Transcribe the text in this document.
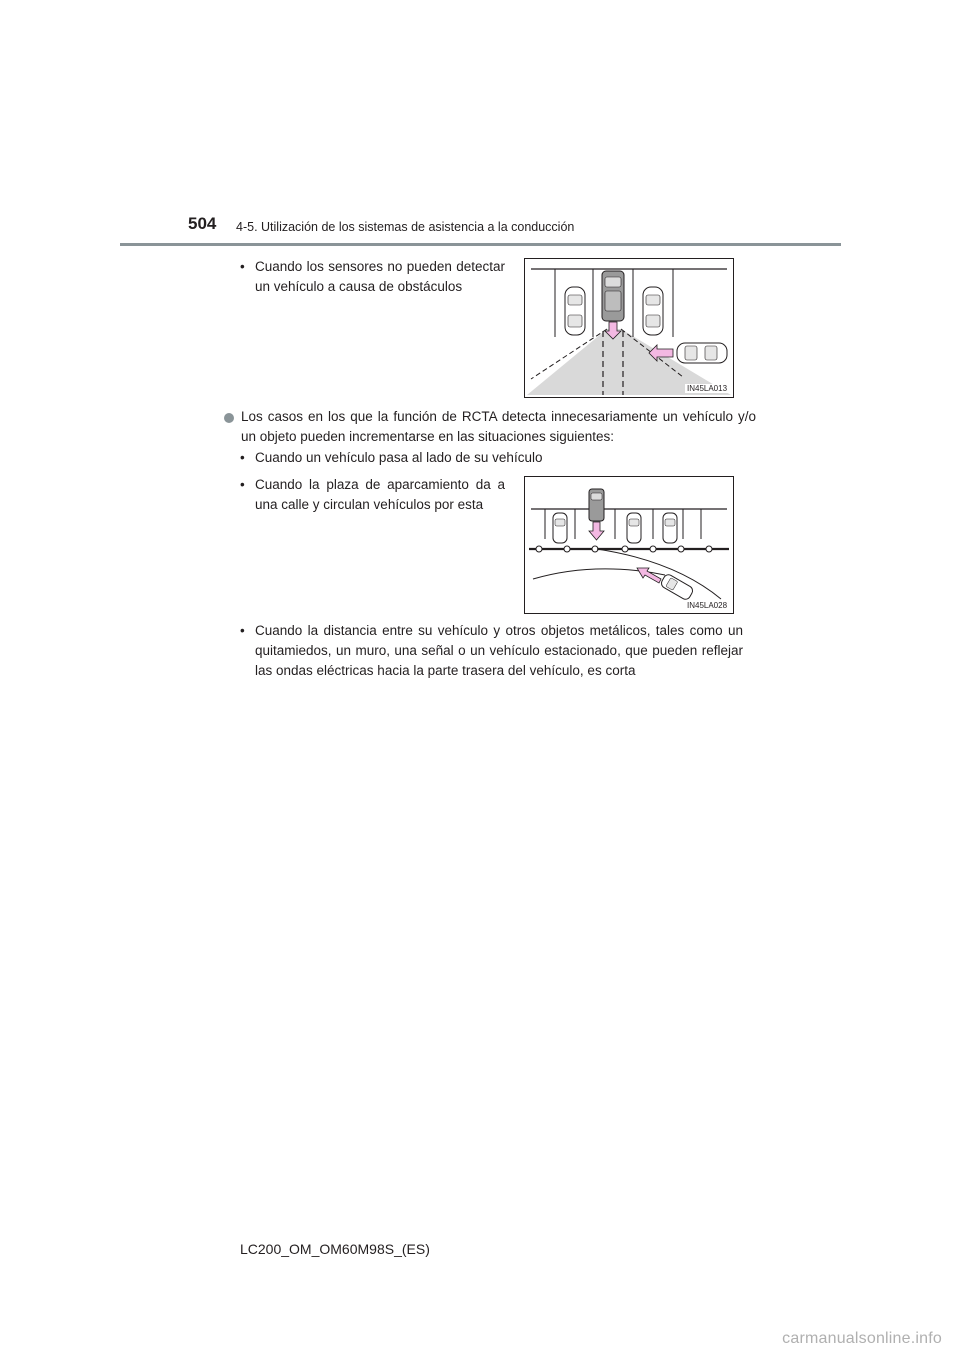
504 4-5. Utilización de los sistemas de asistencia a la conducción
• Cuando los sensores no pueden detectar un vehículo a causa de obstáculos
IN45LA013
Los casos en los que la función de RCTA detecta innecesariamente un vehículo y/o un objeto pueden incrementarse en las situaciones siguientes:
• Cuando un vehículo pasa al lado de su vehículo
• Cuando la plaza de aparcamiento da a una calle y circulan vehículos por esta
IN45LA028
• Cuando la distancia entre su vehículo y otros objetos metálicos, tales como un quitamiedos, un muro, una señal o un vehículo estacionado, que pueden reflejar las ondas eléctricas hacia la parte trasera del vehículo, es corta
LC200_OM_OM60M98S_(ES)
carmanualsonline.info
